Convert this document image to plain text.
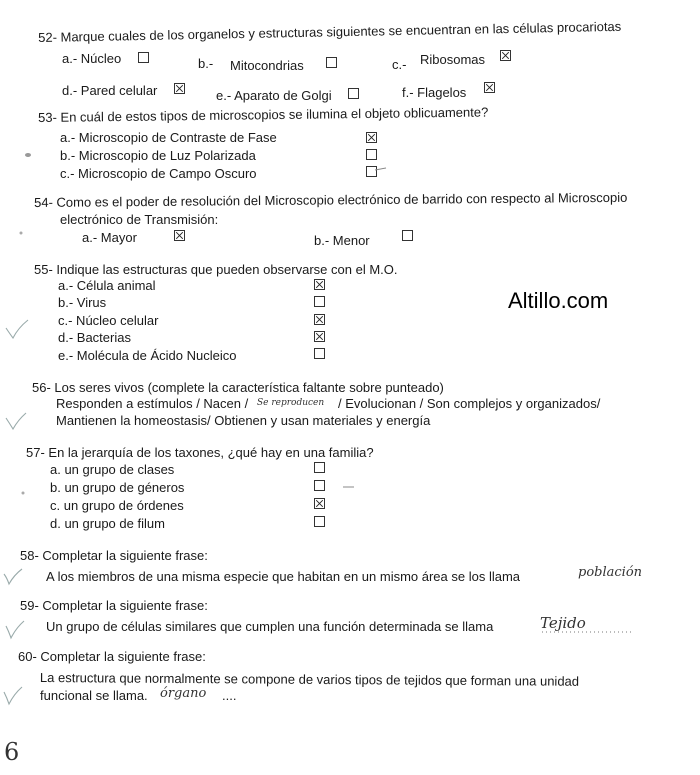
52- Marque cuales de los organelos y estructuras siguientes se encuentran en las células procariotas
a.- Núcleo	b.- Mitocondrias	c.- Ribosomas
d.- Pared celular	e.- Aparato de Golgi	f.- Flagelos
53- En cuál de estos tipos de microscopios se ilumina el objeto oblicuamente?
a.- Microscopio de Contraste de Fase
b.- Microscopio de Luz Polarizada
c.- Microscopio de Campo Oscuro
54- Como es el poder de resolución del Microscopio electrónico de barrido con respecto al Microscopio
electrónico de Transmisión:
a.- Mayor	b.- Menor
Altillo.com
55- Indique las estructuras que pueden observarse con el M.O.
a.- Célula animal
b.- Virus
c.- Núcleo celular
d.- Bacterias
e.- Molécula de Ácido Nucleico
56- Los seres vivos (complete la característica faltante sobre punteado)
Responden a estímulos / Nacen / Se reproducen / Evolucionan / Son complejos y organizados/
Mantienen la homeostasis/ Obtienen y usan materiales y energía
57- En la jerarquía de los taxones, ¿qué hay en una familia?
a. un grupo de clases
b. un grupo de géneros
c. un grupo de órdenes
d. un grupo de filum
58- Completar la siguiente frase:
A los miembros de una misma especie que habitan en un mismo área se los llama	población
59- Completar la siguiente frase:
Un grupo de células similares que cumplen una función determinada se llama	Tejido
60- Completar la siguiente frase:
La estructura que normalmente se compone de varios tipos de tejidos que forman una unidad
funcional se llama. órgano ....
6
